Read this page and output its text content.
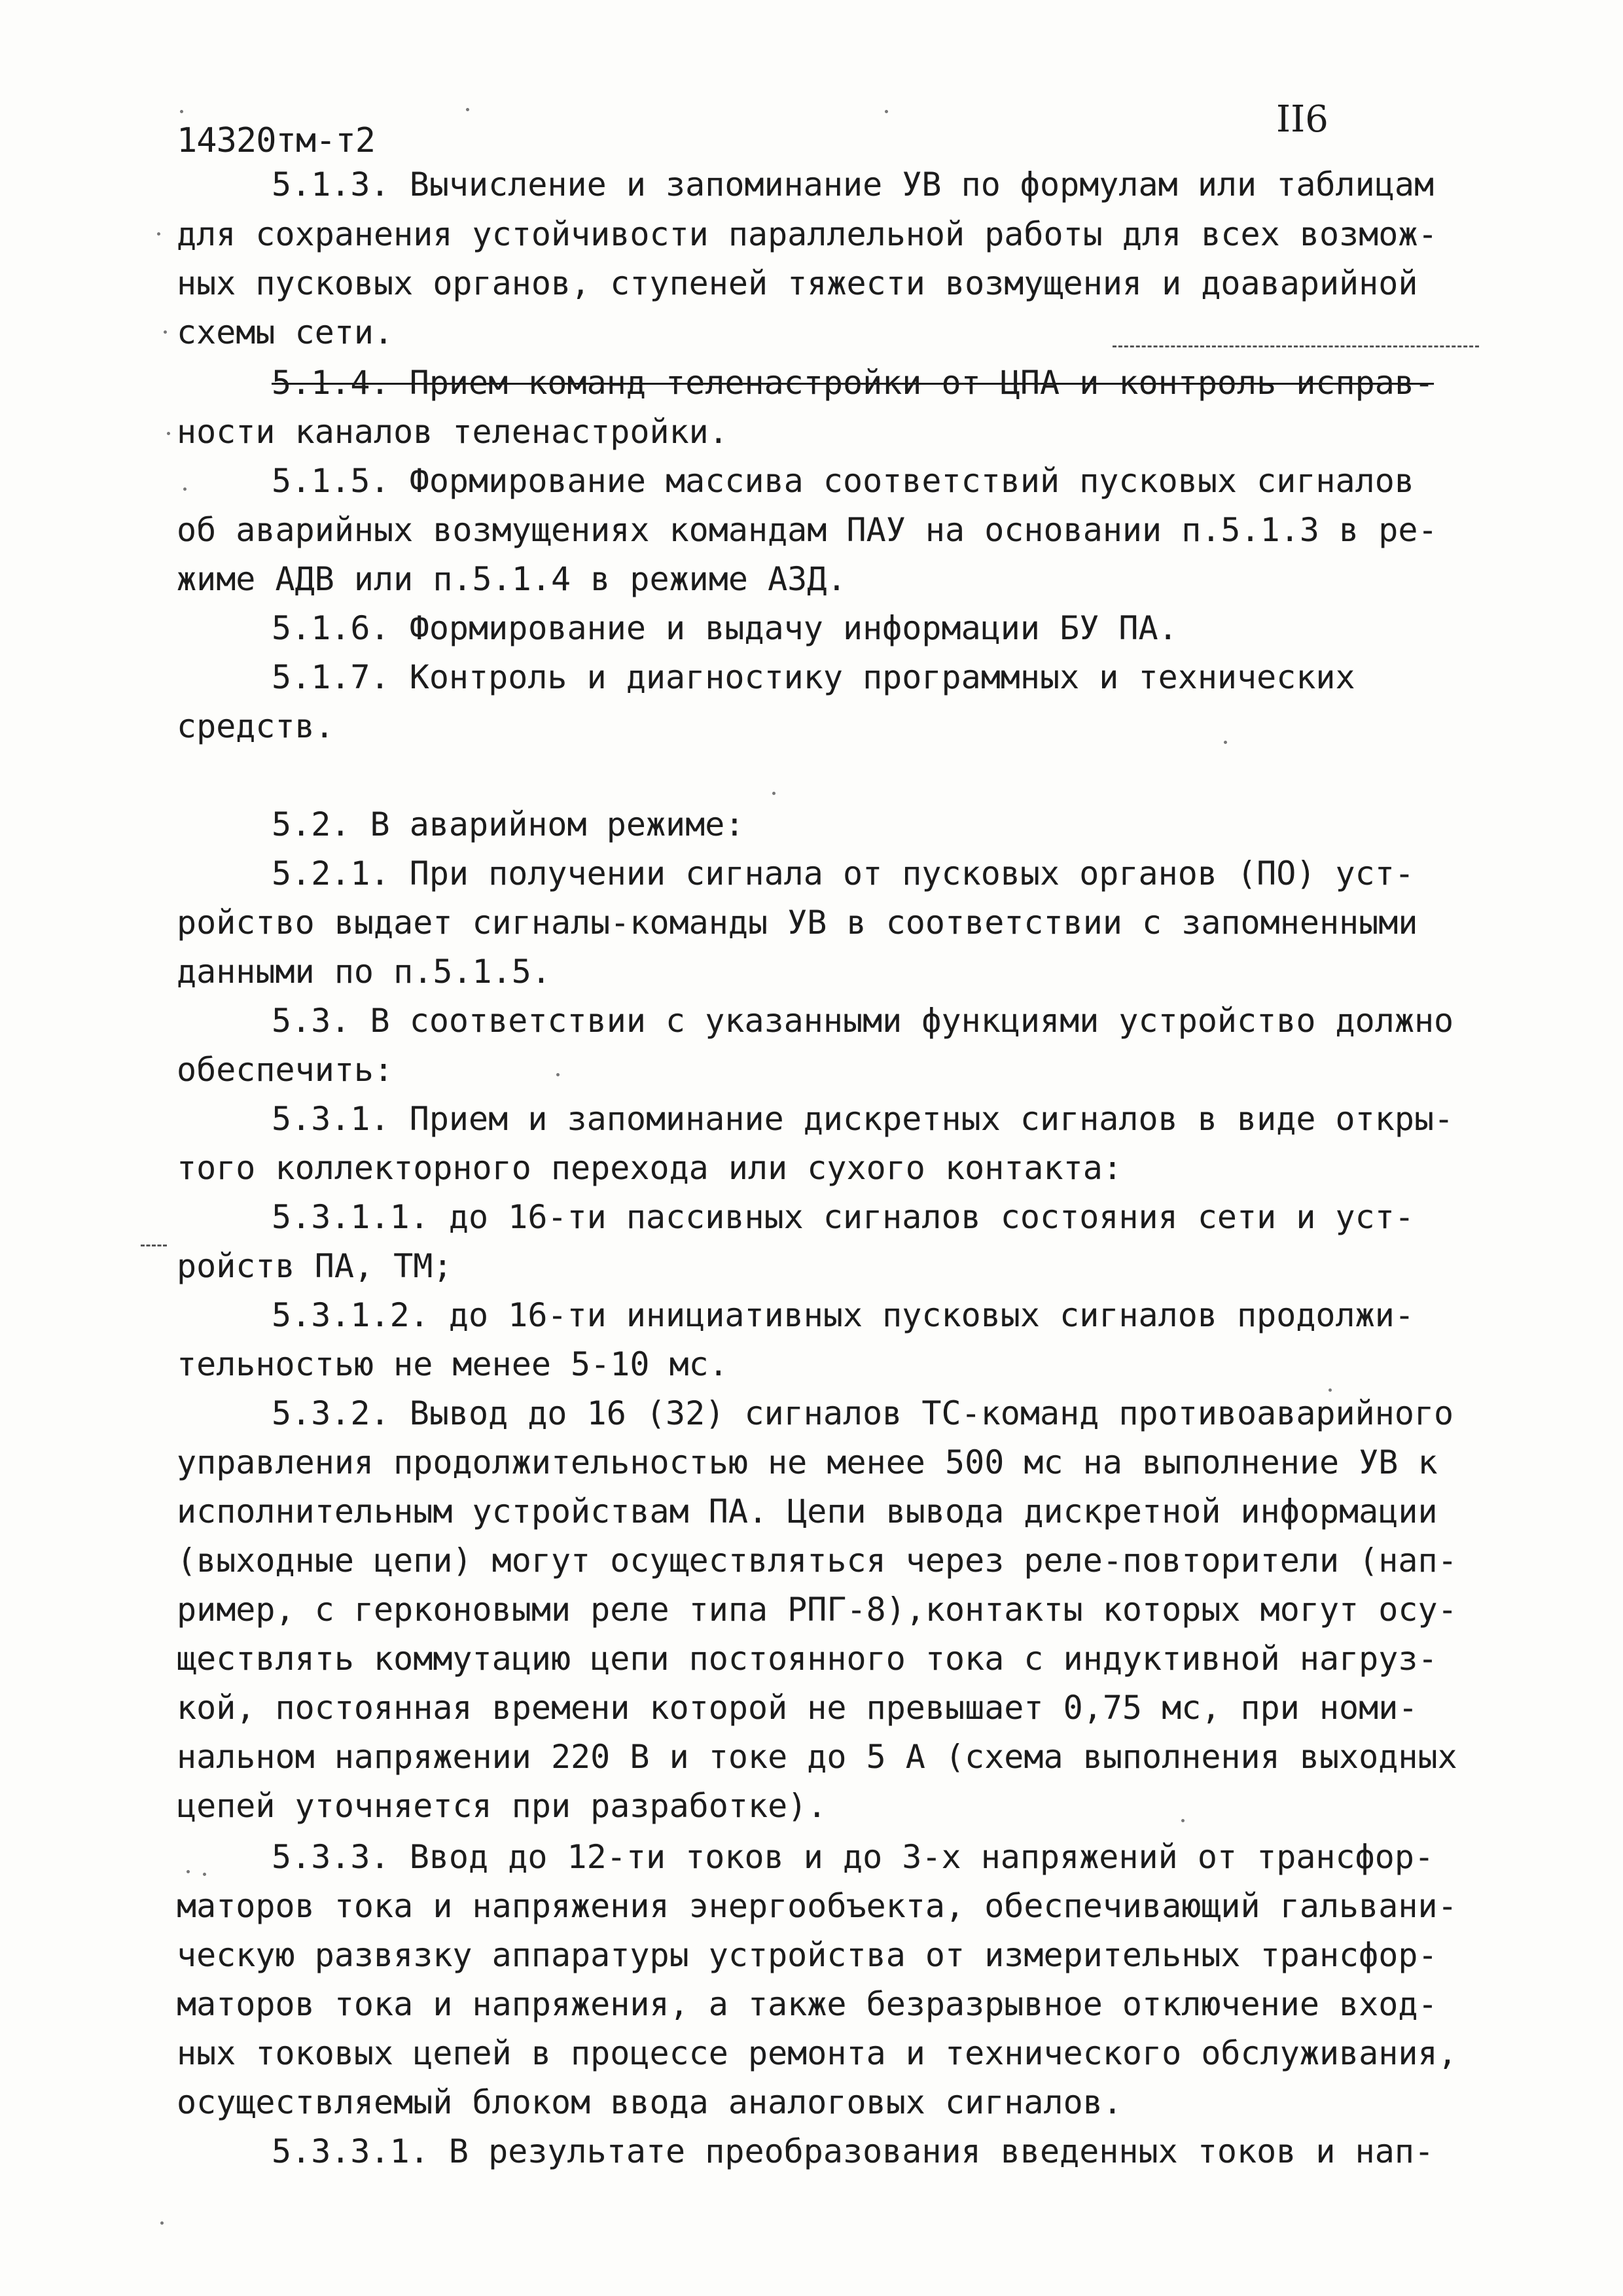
14320тм-т2	II6
5.1.3. Вычисление и запоминание УВ по формулам или таблицам
для сохранения устойчивости параллельной работы для всех возмож-
ных пусковых органов, ступеней тяжести возмущения и доаварийной
схемы сети.
5.1.4. Прием команд теленастройки от ЦПА и контроль исправ-
ности каналов теленастройки.
5.1.5. Формирование массива соответствий пусковых сигналов
об аварийных возмущениях командам ПАУ на основании п.5.1.3 в ре-
жиме АДВ или п.5.1.4 в режиме АЗД.
5.1.6. Формирование и выдачу информации БУ ПА.
5.1.7. Контроль и диагностику программных и технических
средств.
5.2. В аварийном режиме:
5.2.1. При получении сигнала от пусковых органов (ПО) уст-
ройство выдает сигналы-команды УВ в соответствии с запомненными
данными по п.5.1.5.
5.3. В соответствии с указанными функциями устройство должно
обеспечить:
5.3.1. Прием и запоминание дискретных сигналов в виде откры-
того коллекторного перехода или сухого контакта:
5.3.1.1. до 16-ти пассивных сигналов состояния сети и уст-
ройств ПА, ТМ;
5.3.1.2. до 16-ти инициативных пусковых сигналов продолжи-
тельностью не менее 5-10 мс.
5.3.2. Вывод до 16 (32) сигналов ТС-команд противоаварийного
управления продолжительностью не менее 500 мс на выполнение УВ к
исполнительным устройствам ПА. Цепи вывода дискретной информации
(выходные цепи) могут осуществляться через реле-повторители (нап-
ример, с герконовыми реле типа РПГ-8),контакты которых могут осу-
ществлять коммутацию цепи постоянного тока с индуктивной нагруз-
кой, постоянная времени которой не превышает 0,75 мс, при номи-
нальном напряжении 220 В и токе до 5 А (схема выполнения выходных
цепей уточняется при разработке).
5.3.3. Ввод до 12-ти токов и до 3-х напряжений от трансфор-
маторов тока и напряжения энергообъекта, обеспечивающий гальвани-
ческую развязку аппаратуры устройства от измерительных трансфор-
маторов тока и напряжения, а также безразрывное отключение вход-
ных токовых цепей в процессе ремонта и технического обслуживания,
осуществляемый блоком ввода аналоговых сигналов.
5.3.3.1. В результате преобразования введенных токов и нап-
